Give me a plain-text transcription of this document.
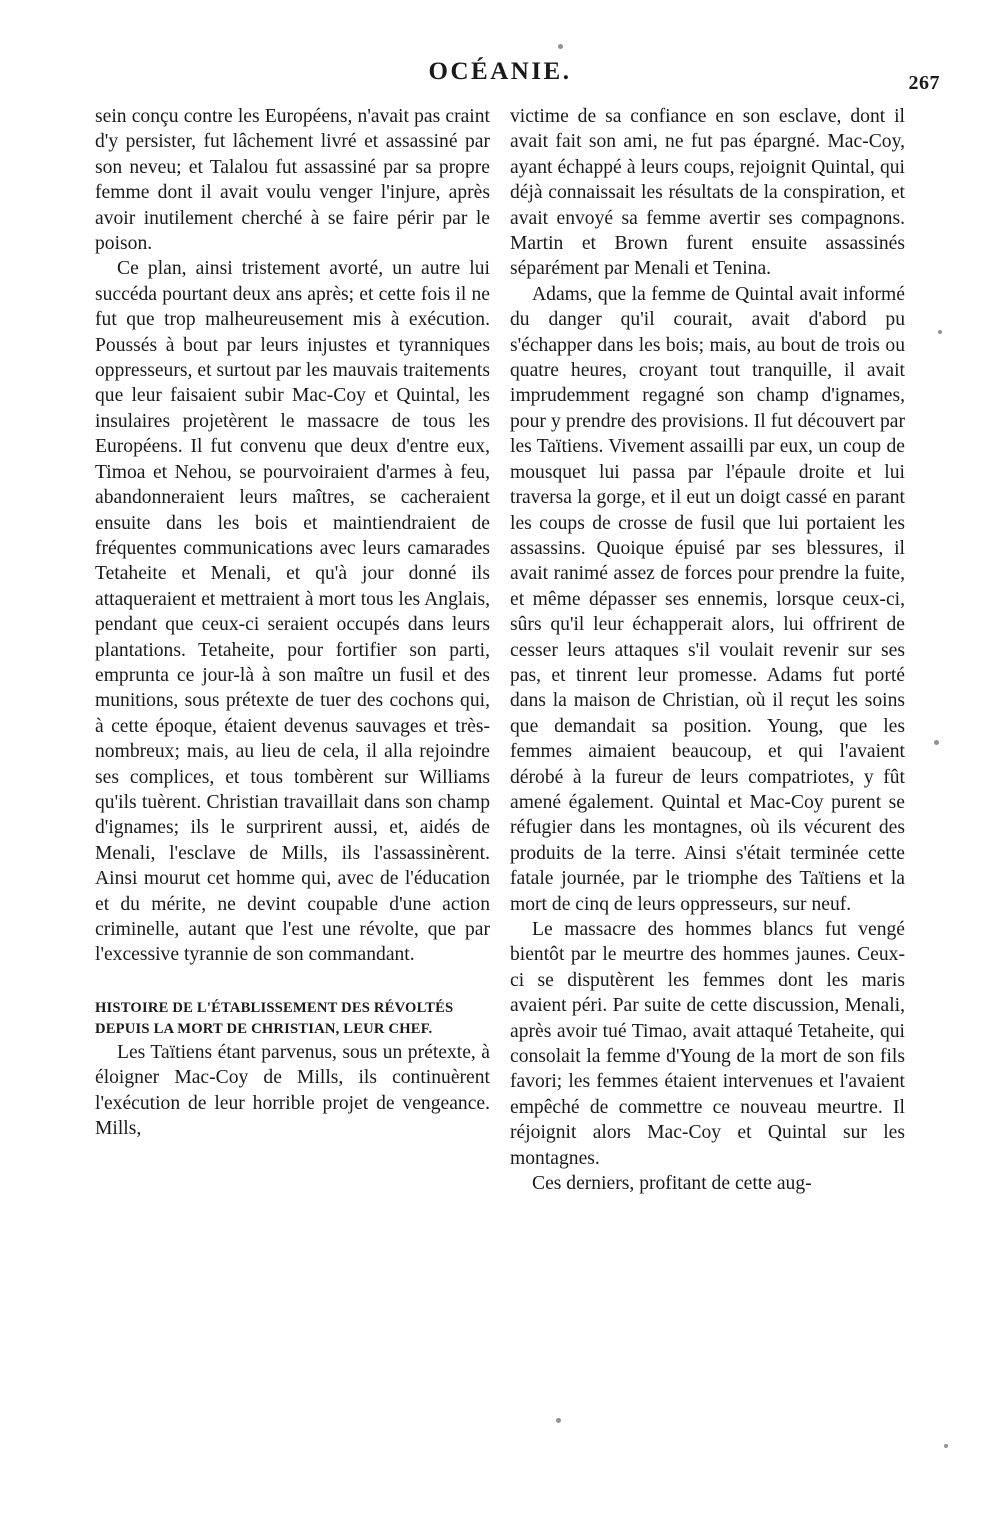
OCÉANIE.	267

sein conçu contre les Européens, n'avait pas craint d'y persister, fut lâchement livré et assassiné par son neveu; et Talalou fut assassiné par sa propre femme dont il avait voulu venger l'injure, après avoir inutilement cherché à se faire périr par le poison.

Ce plan, ainsi tristement avorté, un autre lui succéda pourtant deux ans après; et cette fois il ne fut que trop malheureusement mis à exécution. Poussés à bout par leurs injustes et tyranniques oppresseurs, et surtout par les mauvais traitements que leur faisaient subir Mac-Coy et Quintal, les insulaires projetèrent le massacre de tous les Européens. Il fut convenu que deux d'entre eux, Timoa et Nehou, se pourvoiraient d'armes à feu, abandonneraient leurs maîtres, se cacheraient ensuite dans les bois et maintiendraient de fréquentes communications avec leurs camarades Tetaheite et Menali, et qu'à jour donné ils attaqueraient et mettraient à mort tous les Anglais, pendant que ceux-ci seraient occupés dans leurs plantations. Tetaheite, pour fortifier son parti, emprunta ce jour-là à son maître un fusil et des munitions, sous prétexte de tuer des cochons qui, à cette époque, étaient devenus sauvages et très-nombreux; mais, au lieu de cela, il alla rejoindre ses complices, et tous tombèrent sur Williams qu'ils tuèrent. Christian travaillait dans son champ d'ignames; ils le surprirent aussi, et, aidés de Menali, l'esclave de Mills, ils l'assassinèrent. Ainsi mourut cet homme qui, avec de l'éducation et du mérite, ne devint coupable d'une action criminelle, autant que l'est une révolte, que par l'excessive tyrannie de son commandant.

HISTOIRE DE L'ÉTABLISSEMENT DES RÉVOLTÉS DEPUIS LA MORT DE CHRISTIAN, LEUR CHEF.

Les Taïtiens étant parvenus, sous un prétexte, à éloigner Mac-Coy de Mills, ils continuèrent l'exécution de leur horrible projet de vengeance. Mills,

victime de sa confiance en son esclave, dont il avait fait son ami, ne fut pas épargné. Mac-Coy, ayant échappé à leurs coups, rejoignit Quintal, qui déjà connaissait les résultats de la conspiration, et avait envoyé sa femme avertir ses compagnons. Martin et Brown furent ensuite assassinés séparément par Menali et Tenina.

Adams, que la femme de Quintal avait informé du danger qu'il courait, avait d'abord pu s'échapper dans les bois; mais, au bout de trois ou quatre heures, croyant tout tranquille, il avait imprudemment regagné son champ d'ignames, pour y prendre des provisions. Il fut découvert par les Taïtiens. Vivement assailli par eux, un coup de mousquet lui passa par l'épaule droite et lui traversa la gorge, et il eut un doigt cassé en parant les coups de crosse de fusil que lui portaient les assassins. Quoique épuisé par ses blessures, il avait ranimé assez de forces pour prendre la fuite, et même dépasser ses ennemis, lorsque ceux-ci, sûrs qu'il leur échapperait alors, lui offrirent de cesser leurs attaques s'il voulait revenir sur ses pas, et tinrent leur promesse. Adams fut porté dans la maison de Christian, où il reçut les soins que demandait sa position. Young, que les femmes aimaient beaucoup, et qui l'avaient dérobé à la fureur de leurs compatriotes, y fût amené également. Quintal et Mac-Coy purent se réfugier dans les montagnes, où ils vécurent des produits de la terre. Ainsi s'était terminée cette fatale journée, par le triomphe des Taïtiens et la mort de cinq de leurs oppresseurs, sur neuf.

Le massacre des hommes blancs fut vengé bientôt par le meurtre des hommes jaunes. Ceux-ci se disputèrent les femmes dont les maris avaient péri. Par suite de cette discussion, Menali, après avoir tué Timao, avait attaqué Tetaheite, qui consolait la femme d'Young de la mort de son fils favori; les femmes étaient intervenues et l'avaient empêché de commettre ce nouveau meurtre. Il réjoignit alors Mac-Coy et Quintal sur les montagnes.

Ces derniers, profitant de cette aug-
